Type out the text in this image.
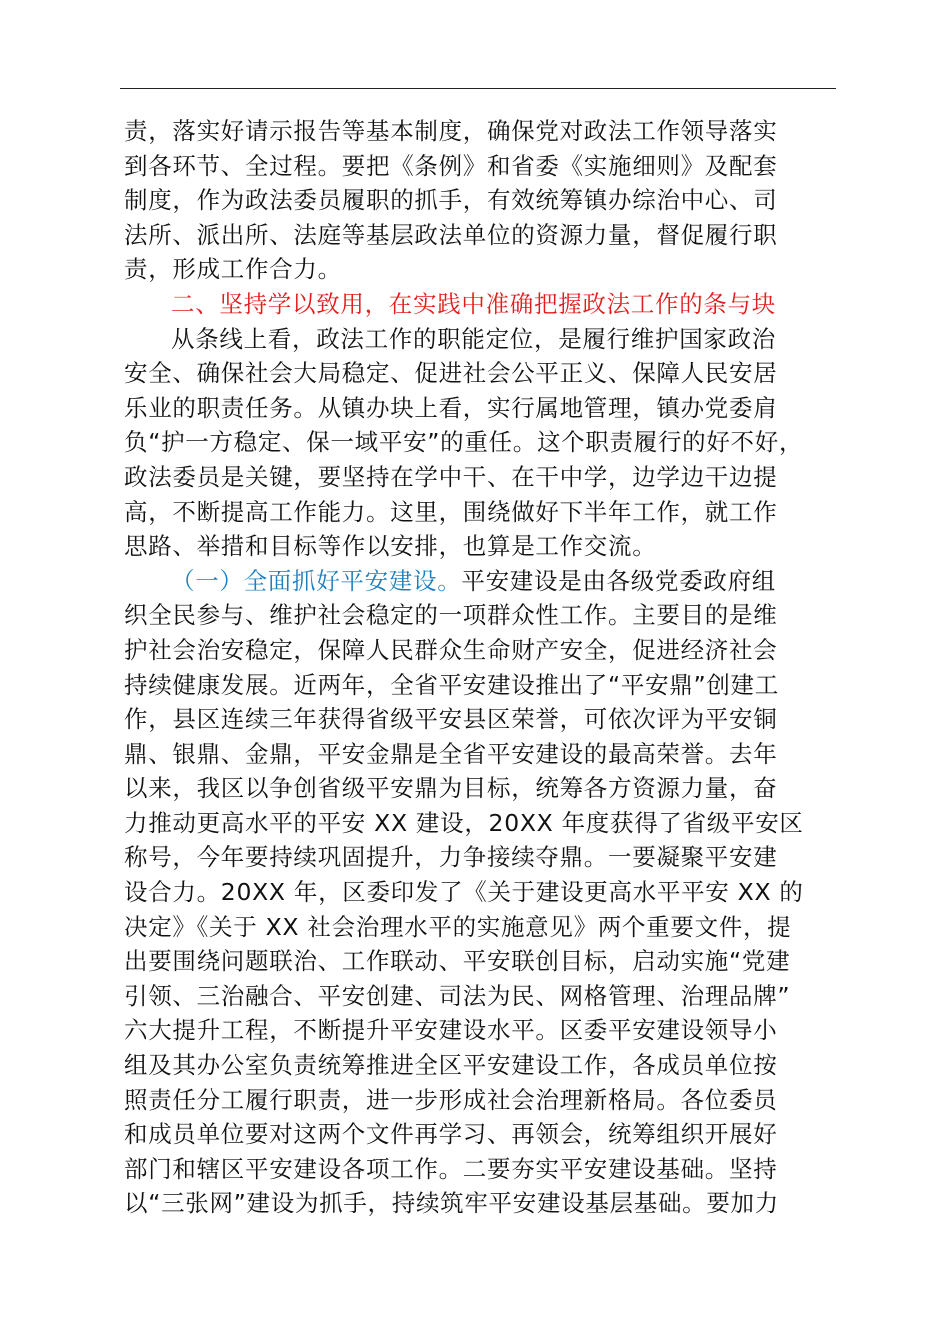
责，落实好请示报告等基本制度，确保党对政法工作领导落实
到各环节、全过程。要把《条例》和省委《实施细则》及配套
制度，作为政法委员履职的抓手，有效统筹镇办综治中心、司
法所、派出所、法庭等基层政法单位的资源力量，督促履行职
责，形成工作合力。
二、坚持学以致用，在实践中准确把握政法工作的条与块
从条线上看，政法工作的职能定位，是履行维护国家政治
安全、确保社会大局稳定、促进社会公平正义、保障人民安居
乐业的职责任务。从镇办块上看，实行属地管理，镇办党委肩
负“护一方稳定、保一域平安”的重任。这个职责履行的好不好，
政法委员是关键，要坚持在学中干、在干中学，边学边干边提
高，不断提高工作能力。这里，围绕做好下半年工作，就工作
思路、举措和目标等作以安排，也算是工作交流。
（一）全面抓好平安建设。平安建设是由各级党委政府组
织全民参与、维护社会稳定的一项群众性工作。主要目的是维
护社会治安稳定，保障人民群众生命财产安全，促进经济社会
持续健康发展。近两年，全省平安建设推出了“平安鼎”创建工
作，县区连续三年获得省级平安县区荣誉，可依次评为平安铜
鼎、银鼎、金鼎，平安金鼎是全省平安建设的最高荣誉。去年
以来，我区以争创省级平安鼎为目标，统筹各方资源力量，奋
力推动更高水平的平安 XX 建设，20XX 年度获得了省级平安区
称号，今年要持续巩固提升，力争接续夺鼎。一要凝聚平安建
设合力。20XX 年，区委印发了《关于建设更高水平平安 XX 的
决定》《关于 XX 社会治理水平的实施意见》两个重要文件，提
出要围绕问题联治、工作联动、平安联创目标，启动实施“党建
引领、三治融合、平安创建、司法为民、网格管理、治理品牌”
六大提升工程，不断提升平安建设水平。区委平安建设领导小
组及其办公室负责统筹推进全区平安建设工作，各成员单位按
照责任分工履行职责，进一步形成社会治理新格局。各位委员
和成员单位要对这两个文件再学习、再领会，统筹组织开展好
部门和辖区平安建设各项工作。二要夯实平安建设基础。坚持
以“三张网”建设为抓手，持续筑牢平安建设基层基础。要加力
